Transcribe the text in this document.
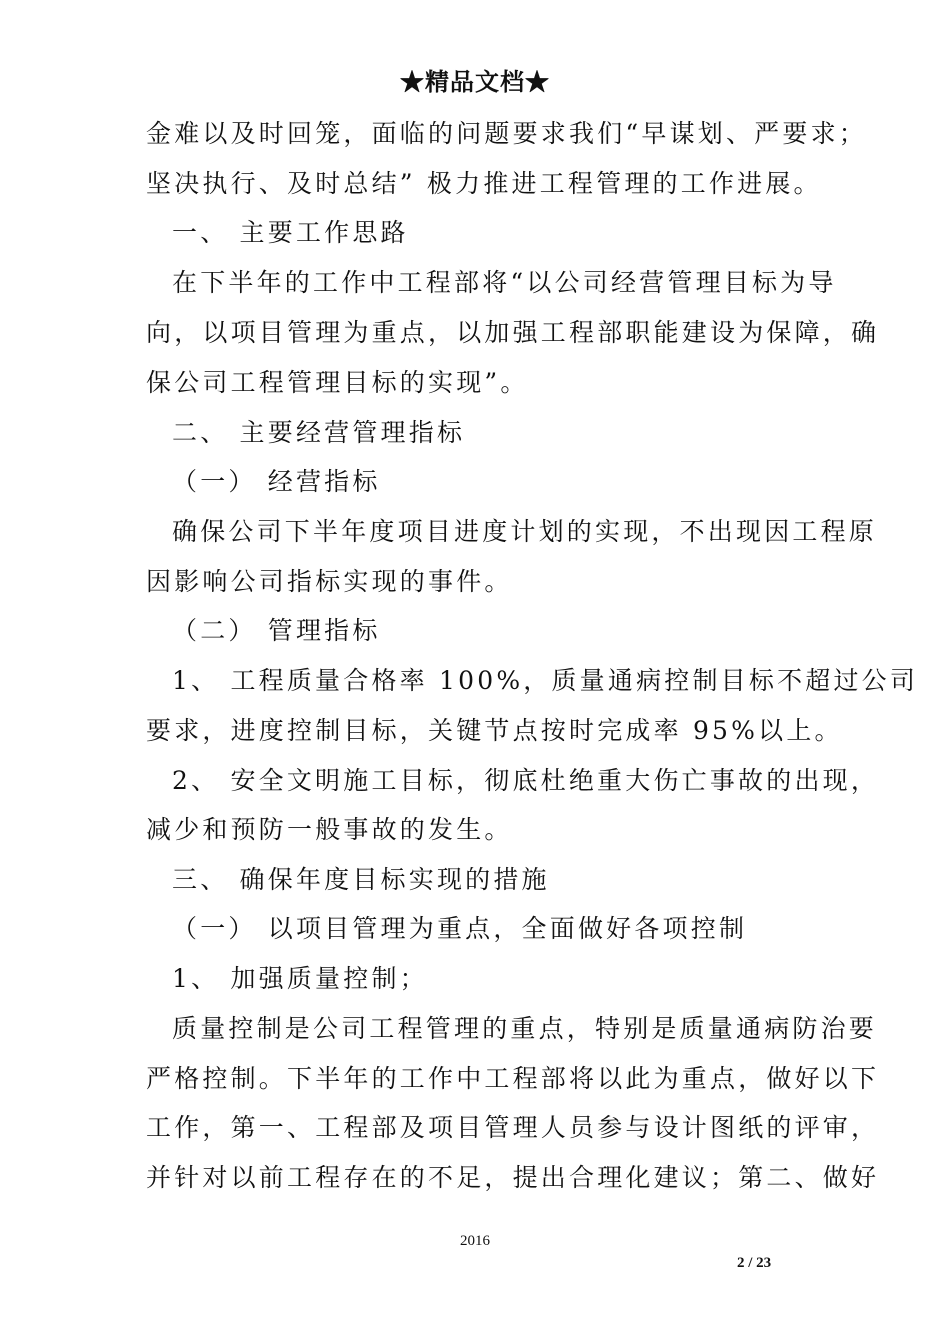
★精品文档★
金难以及时回笼，面临的问题要求我们“早谋划、严要求；
坚决执行、及时总结” 极力推进工程管理的工作进展。
一、 主要工作思路
在下半年的工作中工程部将“以公司经营管理目标为导
向，以项目管理为重点，以加强工程部职能建设为保障，确
保公司工程管理目标的实现”。
二、 主要经营管理指标
（一） 经营指标
确保公司下半年度项目进度计划的实现，不出现因工程原
因影响公司指标实现的事件。
（二） 管理指标
1、 工程质量合格率 100%，质量通病控制目标不超过公司
要求，进度控制目标，关键节点按时完成率 95%以上。
2、 安全文明施工目标，彻底杜绝重大伤亡事故的出现，
减少和预防一般事故的发生。
三、 确保年度目标实现的措施
（一） 以项目管理为重点，全面做好各项控制
1、 加强质量控制；
质量控制是公司工程管理的重点，特别是质量通病防治要
严格控制。下半年的工作中工程部将以此为重点，做好以下
工作，第一、工程部及项目管理人员参与设计图纸的评审，
并针对以前工程存在的不足，提出合理化建议；第二、做好
2016
2 / 23
